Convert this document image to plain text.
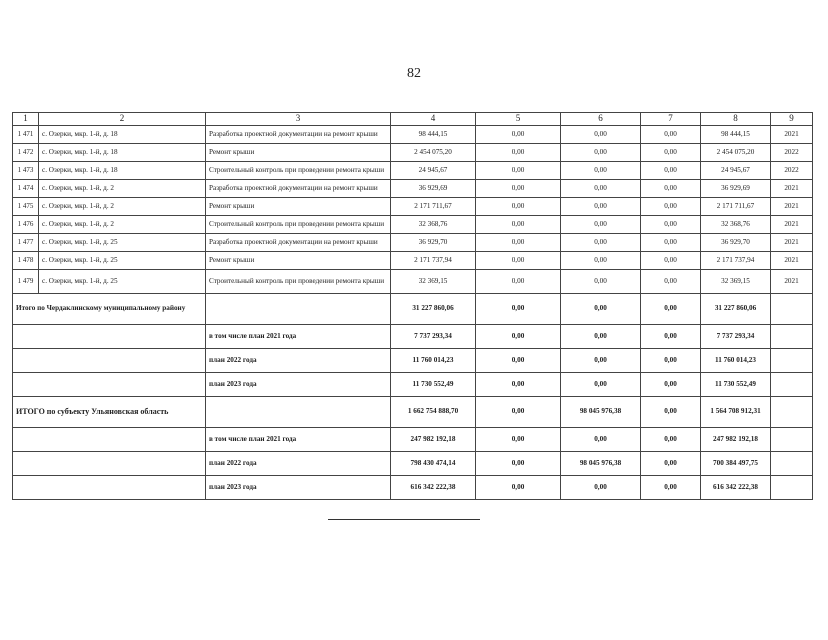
82
1	2	3	4	5	6	7	8	9
1 471	с. Озерки, мкр. 1-й, д. 18	Разработка проектной документации на ремонт крыши	98 444,15	0,00	0,00	0,00	98 444,15	2021
1 472	с. Озерки, мкр. 1-й, д. 18	Ремонт крыши	2 454 075,20	0,00	0,00	0,00	2 454 075,20	2022
1 473	с. Озерки, мкр. 1-й, д. 18	Строительный контроль при проведении ремонта крыши	24 945,67	0,00	0,00	0,00	24 945,67	2022
1 474	с. Озерки, мкр. 1-й, д. 2	Разработка проектной документации на ремонт крыши	36 929,69	0,00	0,00	0,00	36 929,69	2021
1 475	с. Озерки, мкр. 1-й, д. 2	Ремонт крыши	2 171 711,67	0,00	0,00	0,00	2 171 711,67	2021
1 476	с. Озерки, мкр. 1-й, д. 2	Строительный контроль при проведении ремонта крыши	32 368,76	0,00	0,00	0,00	32 368,76	2021
1 477	с. Озерки, мкр. 1-й, д. 25	Разработка проектной документации на ремонт крыши	36 929,70	0,00	0,00	0,00	36 929,70	2021
1 478	с. Озерки, мкр. 1-й, д. 25	Ремонт крыши	2 171 737,94	0,00	0,00	0,00	2 171 737,94	2021
1 479	с. Озерки, мкр. 1-й, д. 25	Строительный контроль при проведении ремонта крыши	32 369,15	0,00	0,00	0,00	32 369,15	2021
Итого по Чердаклинскому муниципальному району			31 227 860,06	0,00	0,00	0,00	31 227 860,06	
		в том числе план 2021 года	7 737 293,34	0,00	0,00	0,00	7 737 293,34	
		план 2022 года	11 760 014,23	0,00	0,00	0,00	11 760 014,23	
		план 2023 года	11 730 552,49	0,00	0,00	0,00	11 730 552,49	
ИТОГО по субъекту Ульяновская область			1 662 754 888,70	0,00	98 045 976,38	0,00	1 564 708 912,31	
		в том числе план 2021 года	247 982 192,18	0,00	0,00	0,00	247 982 192,18	
		план 2022 года	798 430 474,14	0,00	98 045 976,38	0,00	700 384 497,75	
		план 2023 года	616 342 222,38	0,00	0,00	0,00	616 342 222,38	
